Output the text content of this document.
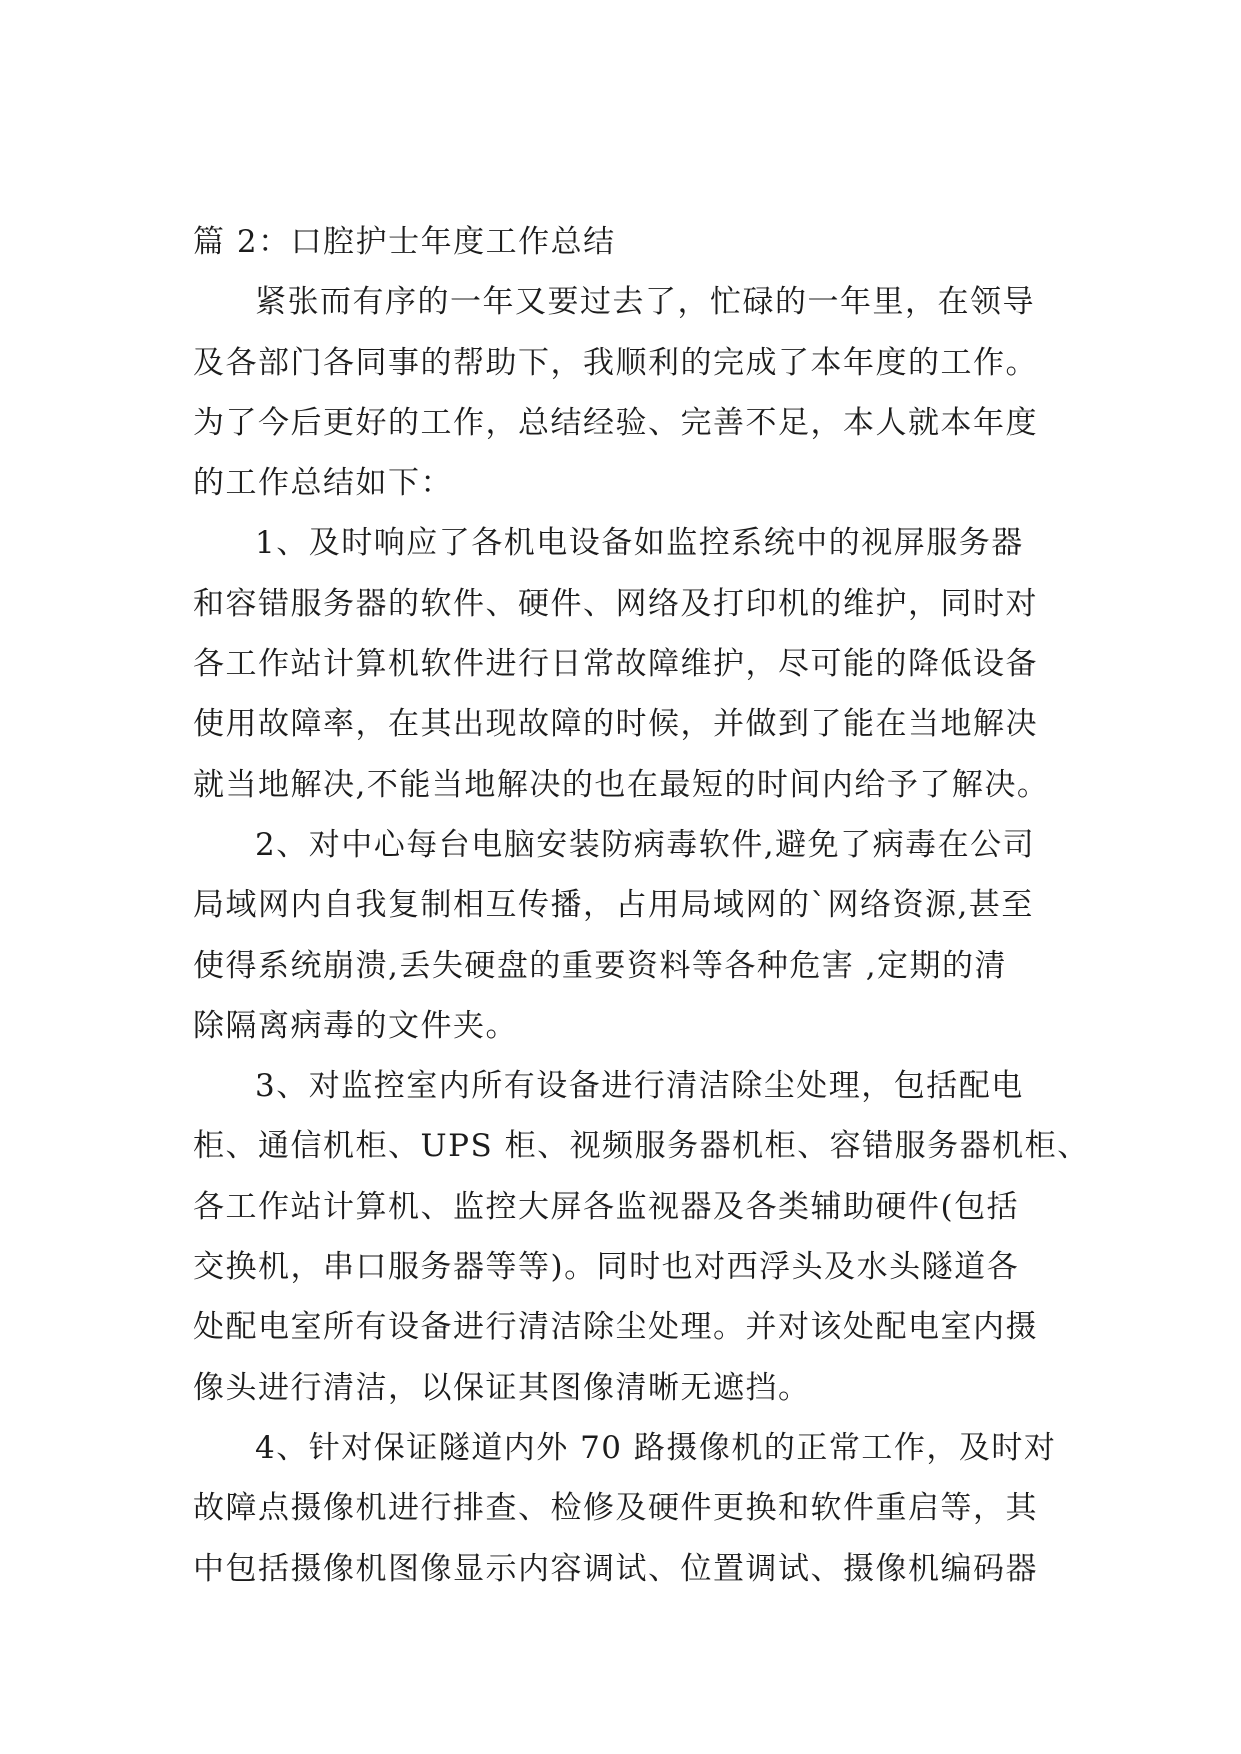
篇 2：口腔护士年度工作总结
紧张而有序的一年又要过去了，忙碌的一年里，在领导
及各部门各同事的帮助下，我顺利的完成了本年度的工作。
为了今后更好的工作，总结经验、完善不足，本人就本年度
的工作总结如下：
1、及时响应了各机电设备如监控系统中的视屏服务器
和容错服务器的软件、硬件、网络及打印机的维护，同时对
各工作站计算机软件进行日常故障维护，尽可能的降低设备
使用故障率，在其出现故障的时候，并做到了能在当地解决
就当地解决,不能当地解决的也在最短的时间内给予了解决。
2、对中心每台电脑安装防病毒软件,避免了病毒在公司
局域网内自我复制相互传播，占用局域网的`网络资源,甚至
使得系统崩溃,丢失硬盘的重要资料等各种危害 ,定期的清
除隔离病毒的文件夹。
3、对监控室内所有设备进行清洁除尘处理，包括配电
柜、通信机柜、UPS 柜、视频服务器机柜、容错服务器机柜、
各工作站计算机、监控大屏各监视器及各类辅助硬件(包括
交换机，串口服务器等等)。同时也对西浮头及水头隧道各
处配电室所有设备进行清洁除尘处理。并对该处配电室内摄
像头进行清洁，以保证其图像清晰无遮挡。
4、针对保证隧道内外 70 路摄像机的正常工作，及时对
故障点摄像机进行排查、检修及硬件更换和软件重启等，其
中包括摄像机图像显示内容调试、位置调试、摄像机编码器
